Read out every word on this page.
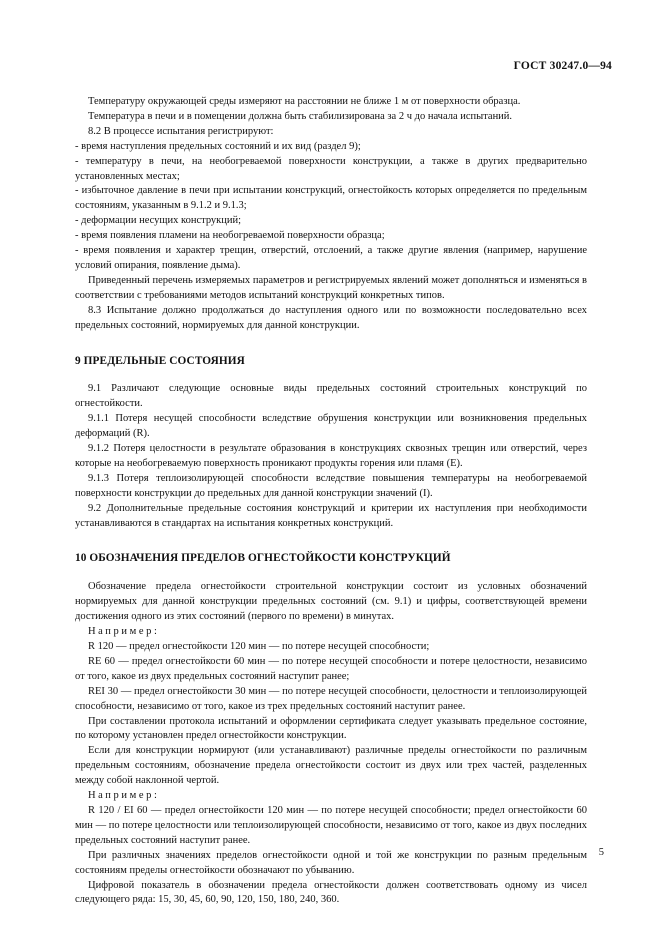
ГОСТ 30247.0—94

Температуру окружающей среды измеряют на расстоянии не ближе 1 м от поверхности образца.

Температура в печи и в помещении должна быть стабилизирована за 2 ч до начала испытаний.

8.2 В процессе испытания регистрируют:

- время наступления предельных состояний и их вид (раздел 9);

- температуру в печи, на необогреваемой поверхности конструкции, а также в других предварительно установленных местах;

- избыточное давление в печи при испытании конструкций, огнестойкость которых определяется по предельным состояниям, указанным в 9.1.2 и 9.1.3;

- деформации несущих конструкций;

- время появления пламени на необогреваемой поверхности образца;

- время появления и характер трещин, отверстий, отслоений, а также другие явления (например, нарушение условий опирания, появление дыма).

Приведенный перечень измеряемых параметров и регистрируемых явлений может дополняться и изменяться в соответствии с требованиями методов испытаний конструкций конкретных типов.

8.3 Испытание должно продолжаться до наступления одного или по возможности последовательно всех предельных состояний, нормируемых для данной конструкции.

9 ПРЕДЕЛЬНЫЕ СОСТОЯНИЯ

9.1 Различают следующие основные виды предельных состояний строительных конструкций по огнестойкости.

9.1.1 Потеря несущей способности вследствие обрушения конструкции или возникновения предельных деформаций (R).

9.1.2 Потеря целостности в результате образования в конструкциях сквозных трещин или отверстий, через которые на необогреваемую поверхность проникают продукты горения или пламя (E).

9.1.3 Потеря теплоизолирующей способности вследствие повышения температуры на необогреваемой поверхности конструкции до предельных для данной конструкции значений (I).

9.2 Дополнительные предельные состояния конструкций и критерии их наступления при необходимости устанавливаются в стандартах на испытания конкретных конструкций.

10 ОБОЗНАЧЕНИЯ ПРЕДЕЛОВ ОГНЕСТОЙКОСТИ КОНСТРУКЦИЙ

Обозначение предела огнестойкости строительной конструкции состоит из условных обозначений нормируемых для данной конструкции предельных состояний (см. 9.1) и цифры, соответствующей времени достижения одного из этих состояний (первого по времени) в минутах.

Например:

R 120 — предел огнестойкости 120 мин — по потере несущей способности;

RE 60 — предел огнестойкости 60 мин — по потере несущей способности и потере целостности, независимо от того, какое из двух предельных состояний наступит ранее;

REI 30 — предел огнестойкости 30 мин — по потере несущей способности, целостности и теплоизолирующей способности, независимо от того, какое из трех предельных состояний наступит ранее.

При составлении протокола испытаний и оформлении сертификата следует указывать предельное состояние, по которому установлен предел огнестойкости конструкции.

Если для конструкции нормируют (или устанавливают) различные пределы огнестойкости по различным предельным состояниям, обозначение предела огнестойкости состоит из двух или трех частей, разделенных между собой наклонной чертой.

Например:

R 120 / EI 60 — предел огнестойкости 120 мин — по потере несущей способности; предел огнестойкости 60 мин — по потере целостности или теплоизолирующей способности, независимо от того, какое из двух последних предельных состояний наступит ранее.

При различных значениях пределов огнестойкости одной и той же конструкции по разным предельным состояниям пределы огнестойкости обозначают по убыванию.

Цифровой показатель в обозначении предела огнестойкости должен соответствовать одному из чисел следующего ряда: 15, 30, 45, 60, 90, 120, 150, 180, 240, 360.

5
